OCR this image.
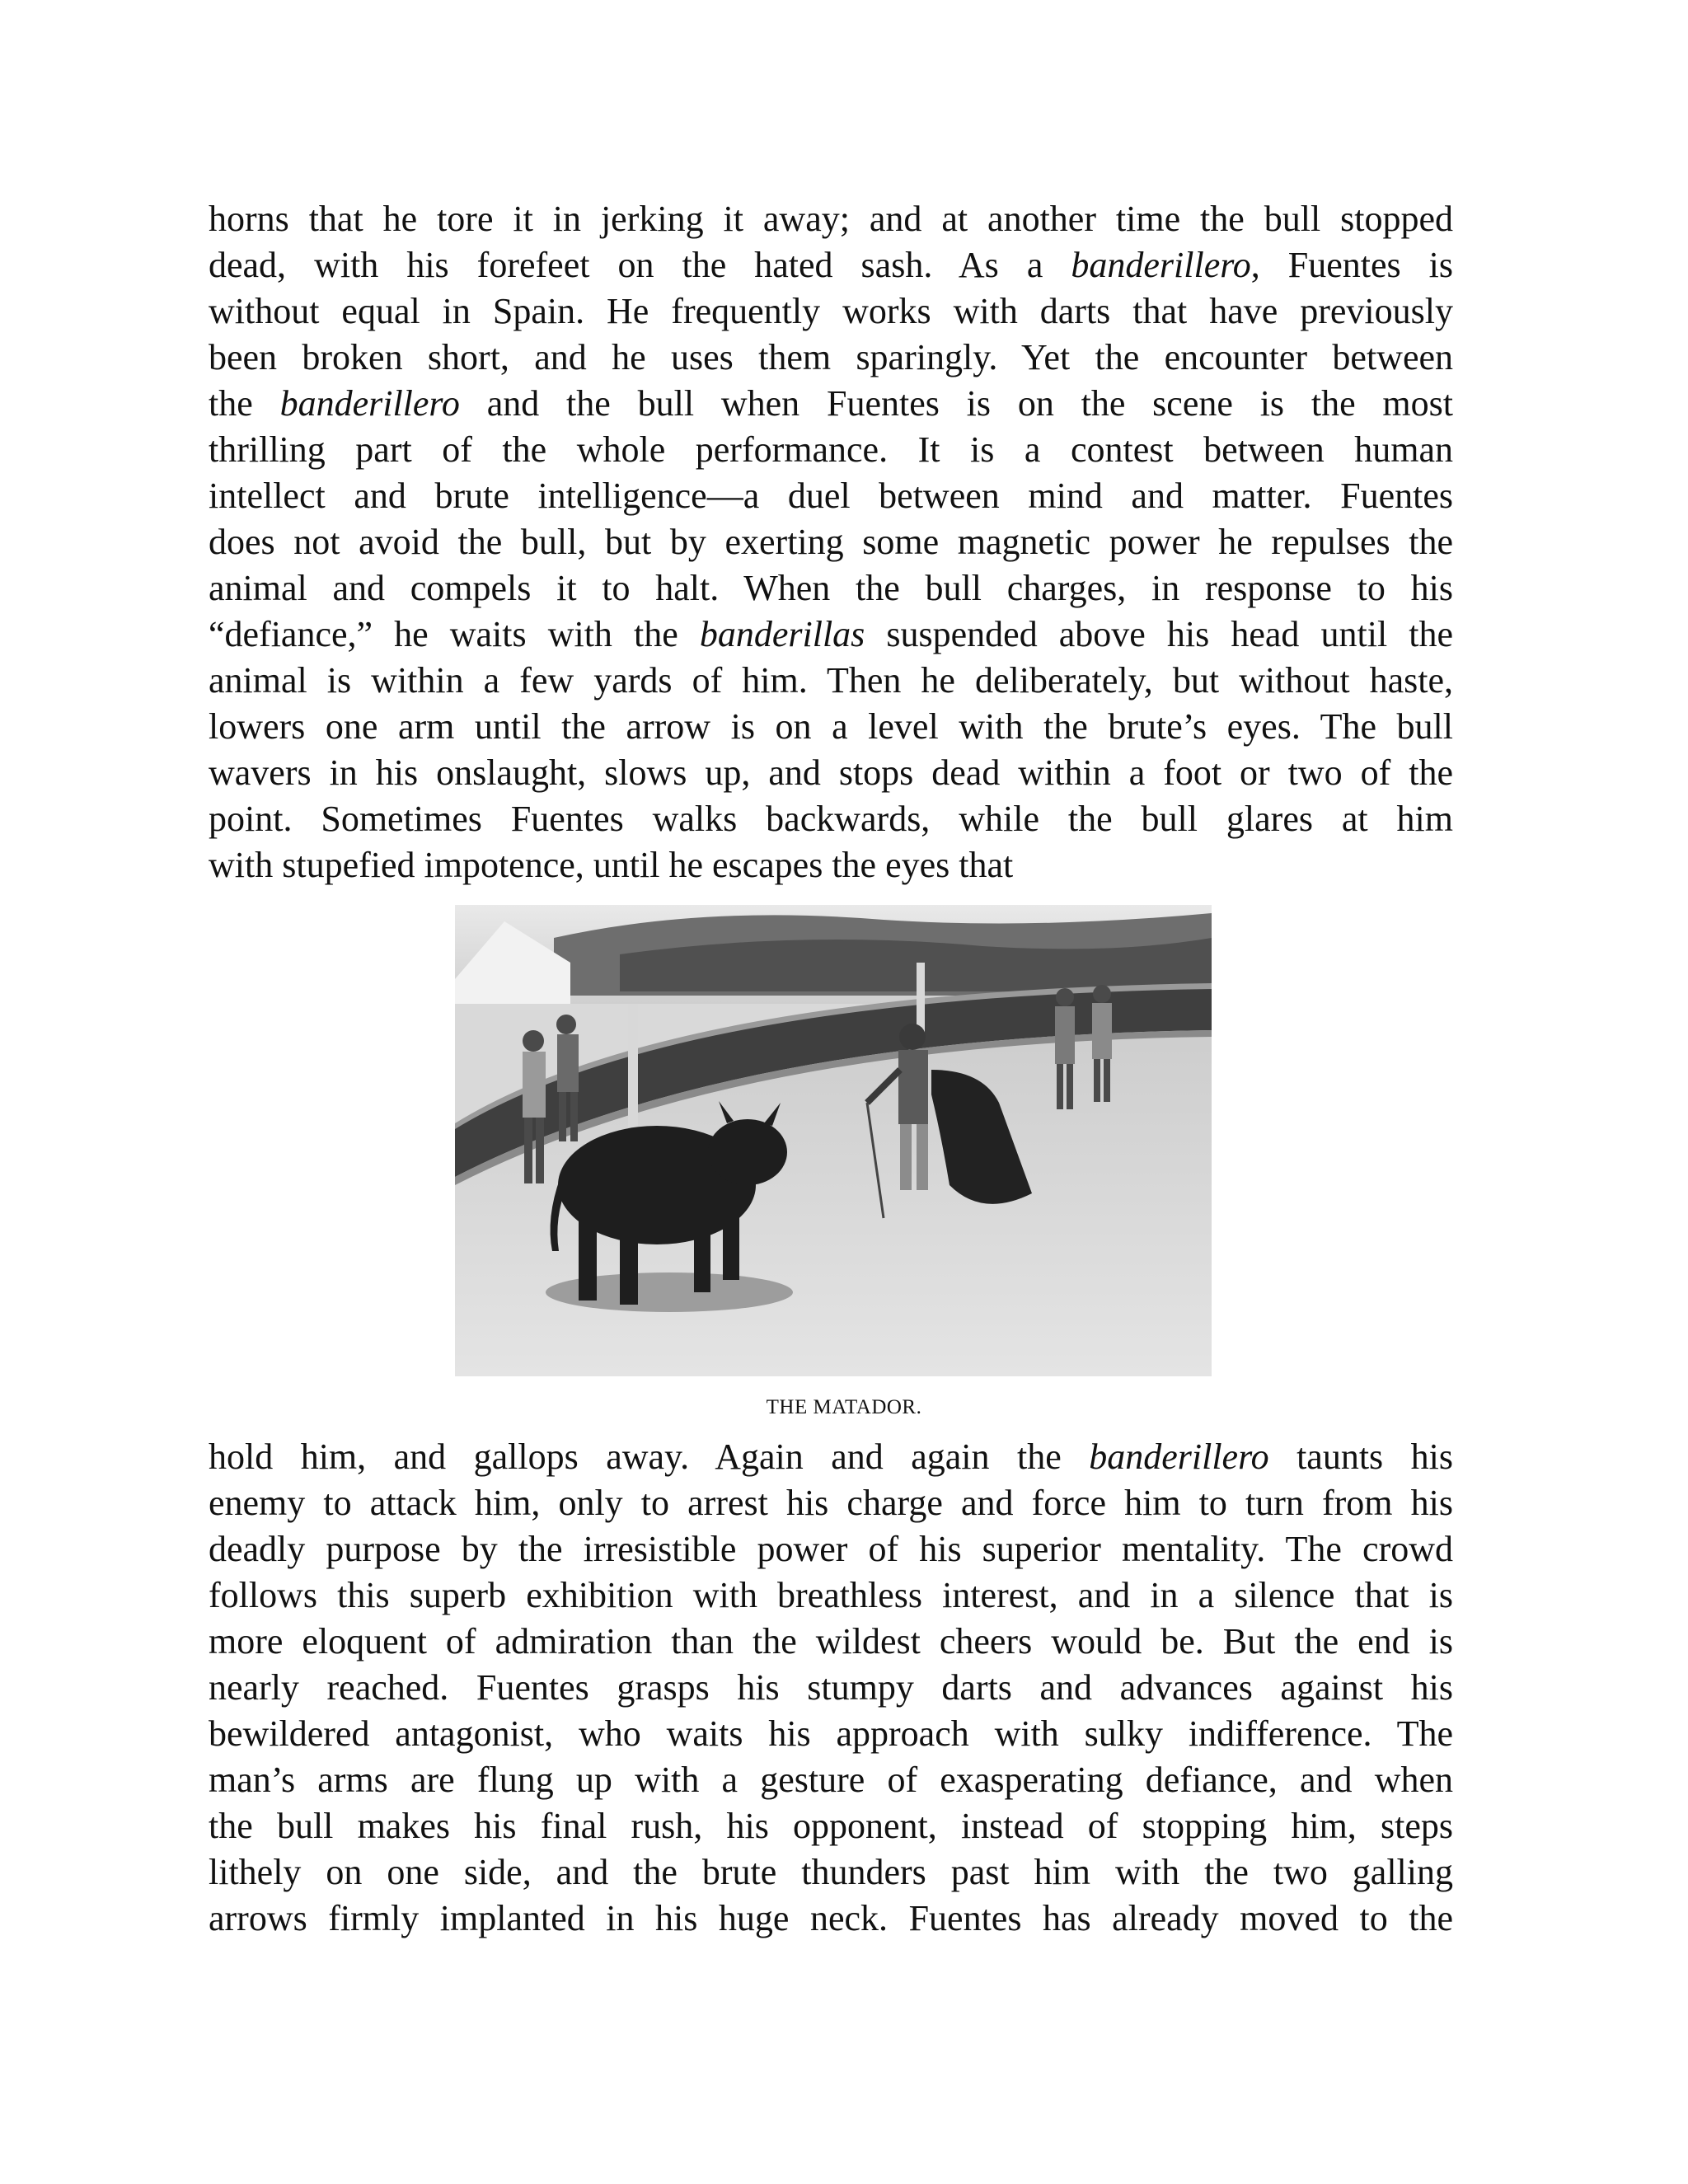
horns that he tore it in jerking it away; and at another time the bull stopped
dead, with his forefeet on the hated sash. As a banderillero, Fuentes is
without equal in Spain. He frequently works with darts that have previously
been broken short, and he uses them sparingly. Yet the encounter between
the banderillero and the bull when Fuentes is on the scene is the most
thrilling part of the whole performance. It is a contest between human
intellect and brute intelligence—a duel between mind and matter. Fuentes
does not avoid the bull, but by exerting some magnetic power he repulses the
animal and compels it to halt. When the bull charges, in response to his
“defiance,” he waits with the banderillas suspended above his head until the
animal is within a few yards of him. Then he deliberately, but without haste,
lowers one arm until the arrow is on a level with the brute’s eyes. The bull
wavers in his onslaught, slows up, and stops dead within a foot or two of the
point. Sometimes Fuentes walks backwards, while the bull glares at him
with stupefied impotence, until he escapes the eyes that

THE MATADOR.

hold him, and gallops away. Again and again the banderillero taunts his
enemy to attack him, only to arrest his charge and force him to turn from his
deadly purpose by the irresistible power of his superior mentality. The crowd
follows this superb exhibition with breathless interest, and in a silence that is
more eloquent of admiration than the wildest cheers would be. But the end is
nearly reached. Fuentes grasps his stumpy darts and advances against his
bewildered antagonist, who waits his approach with sulky indifference. The
man’s arms are flung up with a gesture of exasperating defiance, and when
the bull makes his final rush, his opponent, instead of stopping him, steps
lithely on one side, and the brute thunders past him with the two galling
arrows firmly implanted in his huge neck. Fuentes has already moved to the
